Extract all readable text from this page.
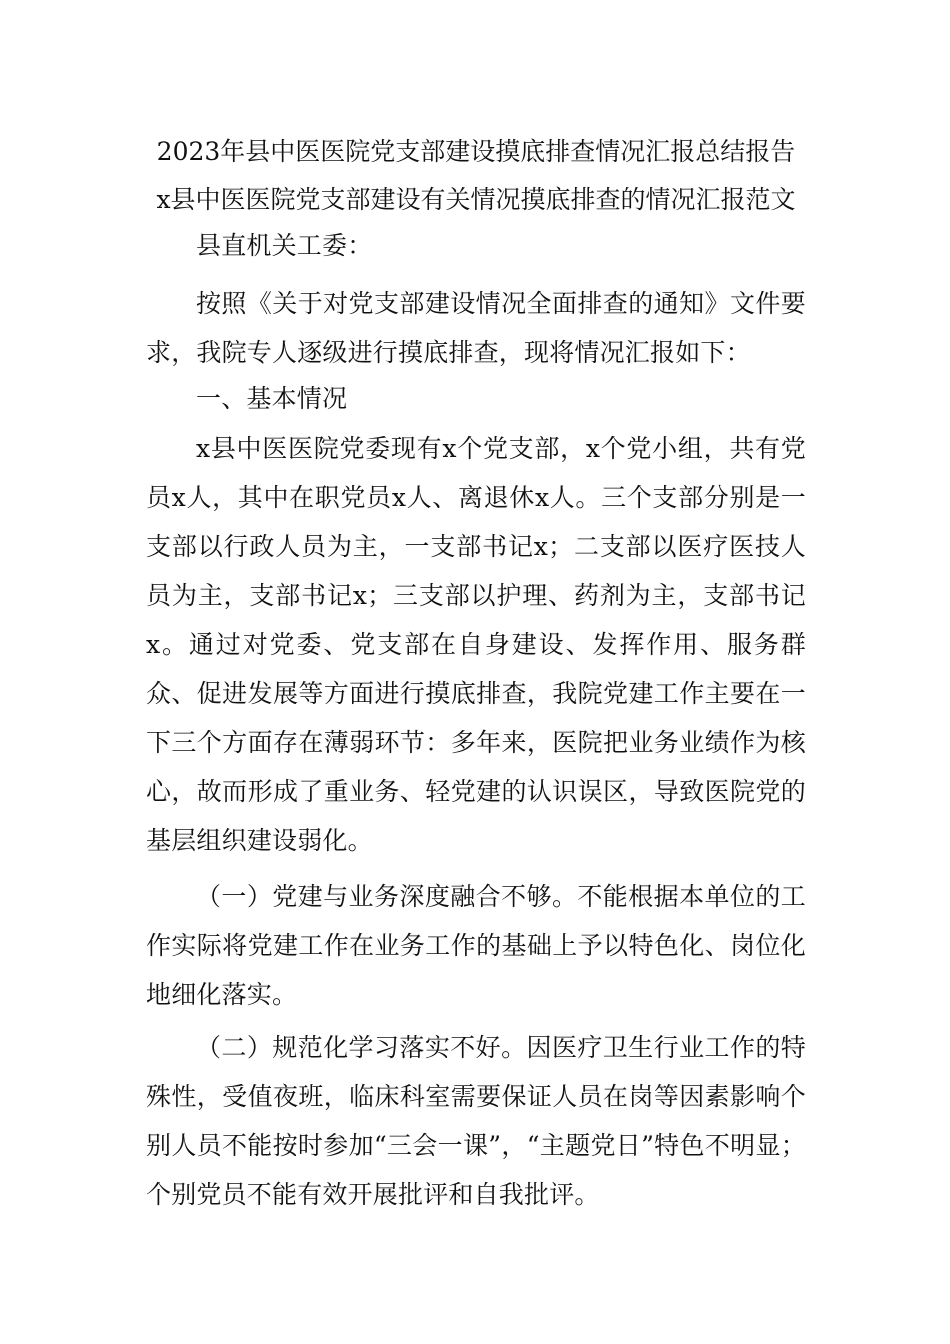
2023年县中医医院党支部建设摸底排查情况汇报总结报告
x县中医医院党支部建设有关情况摸底排查的情况汇报范文
县直机关工委：
按照《关于对党支部建设情况全面排查的通知》文件要求，我院专人逐级进行摸底排查，现将情况汇报如下：
一、基本情况
x县中医医院党委现有x个党支部，x个党小组，共有党员x人，其中在职党员x人、离退休x人。三个支部分别是一支部以行政人员为主，一支部书记x；二支部以医疗医技人员为主，支部书记x；三支部以护理、药剂为主，支部书记x。通过对党委、党支部在自身建设、发挥作用、服务群众、促进发展等方面进行摸底排查，我院党建工作主要在一下三个方面存在薄弱环节：多年来，医院把业务业绩作为核心，故而形成了重业务、轻党建的认识误区，导致医院党的基层组织建设弱化。
（一）党建与业务深度融合不够。不能根据本单位的工作实际将党建工作在业务工作的基础上予以特色化、岗位化地细化落实。
（二）规范化学习落实不好。因医疗卫生行业工作的特殊性，受值夜班，临床科室需要保证人员在岗等因素影响个别人员不能按时参加“三会一课”，“主题党日”特色不明显；个别党员不能有效开展批评和自我批评。
